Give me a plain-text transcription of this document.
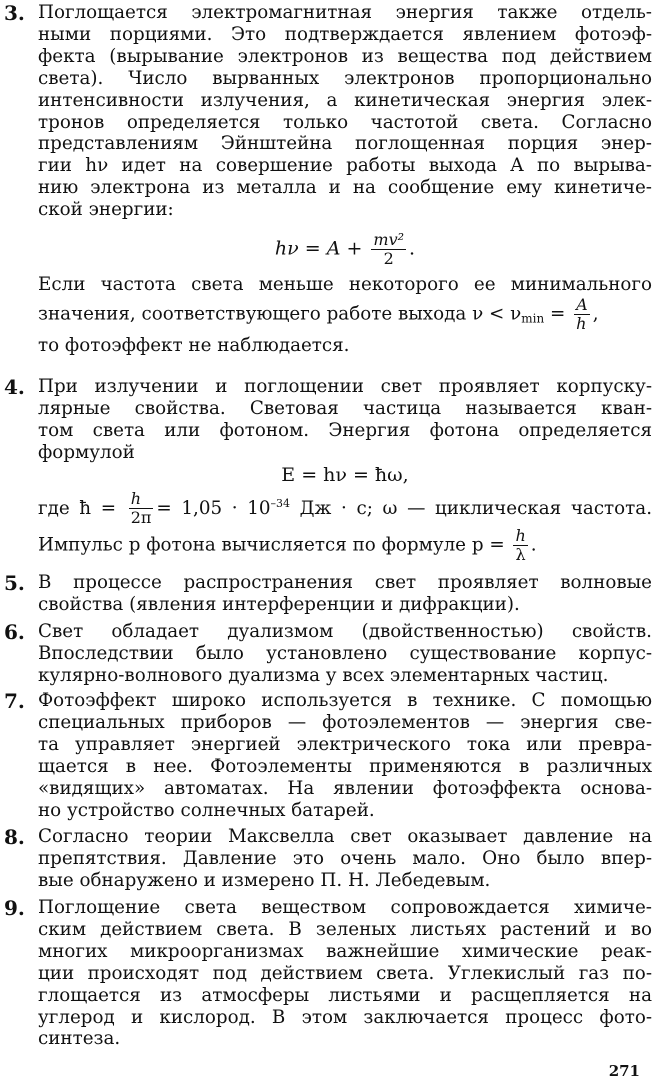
3. Поглощается электромагнитная энергия также отдель-
ными порциями. Это подтверждается явлением фотоэф-
фекта (вырывание электронов из вещества под действием
света). Число вырванных электронов пропорционально
интенсивности излучения, а кинетическая энергия элек-
тронов определяется только частотой света. Согласно
представлениям Эйнштейна поглощенная порция энер-
гии hν идет на совершение работы выхода A по вырыва-
нию электрона из металла и на сообщение ему кинетиче-
ской энергии:
$h\nu = A + \frac{\text{mv²}}{2}$ .
Если частота света меньше некоторого ее минимального
значения, соответствующего работе выхода $\nu < \nu_{min} = \frac{A}{h}$ ,
то фотоэффект не наблюдается.
4. При излучении и поглощении свет проявляет корпуску-
лярные свойства. Световая частица называется кван-
том света или фотоном. Энергия фотона определяется
формулой
E = hν = ħω,
где ħ = $\frac{h}{2\pi} = 1,05 \cdot 10^{-34}$ Дж · с; ω — циклическая частота.
Импульс p фотона вычисляется по формуле $p = \frac{h}{\lambda}$ .
5. В процессе распространения свет проявляет волновые
свойства (явления интерференции и дифракции).
6. Свет обладает дуализмом (двойственностью) свойств.
Впоследствии было установлено существование корпус-
кулярно-волнового дуализма у всех элементарных частиц.
7. Фотоэффект широко используется в технике. С помощью
специальных приборов — фотоэлементов — энергия све-
та управляет энергией электрического тока или превра-
щается в нее. Фотоэлементы применяются в различных
«видящих» автоматах. На явлении фотоэффекта основа-
но устройство солнечных батарей.
8. Согласно теории Максвелла свет оказывает давление на
препятствия. Давление это очень мало. Оно было впер-
вые обнаружено и измерено П. Н. Лебедевым.
9. Поглощение света веществом сопровождается химиче-
ским действием света. В зеленых листьях растений и во
многих микроорганизмах важнейшие химические реак-
ции происходят под действием света. Углекислый газ по-
глощается из атмосферы листьями и расщепляется на
углерод и кислород. В этом заключается процесс фото-
синтеза.
271
